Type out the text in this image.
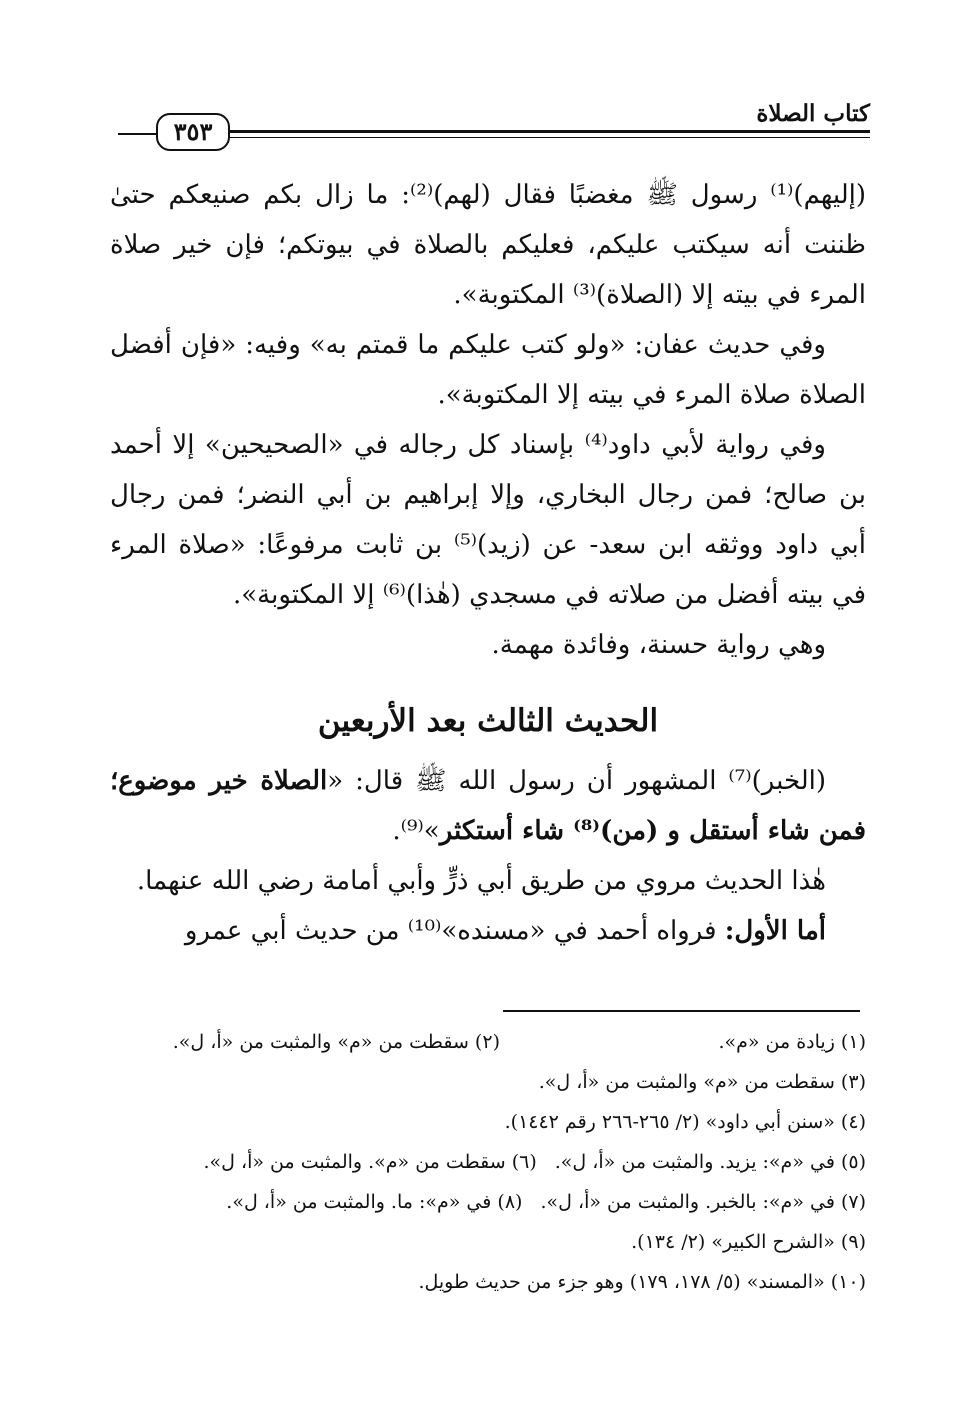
٣٥٣
كتاب الصلاة

(إليهم)⁽¹⁾ رسول ﷺ مغضبًا فقال (لهم)⁽²⁾: ما زال بكم صنيعكم حتىٰ ظننت أنه سيكتب عليكم، فعليكم بالصلاة في بيوتكم؛ فإن خير صلاة المرء في بيته إلا (الصلاة)⁽³⁾ المكتوبة».

وفي حديث عفان: «ولو كتب عليكم ما قمتم به» وفيه: «فإن أفضل الصلاة صلاة المرء في بيته إلا المكتوبة».

وفي رواية لأبي داود⁽⁴⁾ بإسناد كل رجاله في «الصحيحين» إلا أحمد بن صالح؛ فمن رجال البخاري، وإلا إبراهيم بن أبي النضر؛ فمن رجال أبي داود ووثقه ابن سعد- عن (زيد)⁽⁵⁾ بن ثابت مرفوعًا: «صلاة المرء في بيته أفضل من صلاته في مسجدي (هٰذا)⁽⁶⁾ إلا المكتوبة».

وهي رواية حسنة، وفائدة مهمة.

الحديث الثالث بعد الأربعين

(الخبر)⁽⁷⁾ المشهور أن رسول الله ﷺ قال: «الصلاة خير موضوع؛ فمن شاء أستقل و (من)⁽⁸⁾ شاء أستكثر»⁽⁹⁾.

هٰذا الحديث مروي من طريق أبي ذرٍّ وأبي أمامة رضي الله عنهما.

أما الأول: فرواه أحمد في «مسنده»⁽¹⁰⁾ من حديث أبي عمرو

(١) زيادة من «م».
(٢) سقطت من «م» والمثبت من «أ، ل».
(٣) سقطت من «م» والمثبت من «أ، ل».
(٤) «سنن أبي داود» (٢/ ٢٦٥-٢٦٦ رقم ١٤٤٢).
(٥) في «م»: يزيد. والمثبت من «أ، ل».
(٦) سقطت من «م». والمثبت من «أ، ل».
(٧) في «م»: بالخبر. والمثبت من «أ، ل».
(٨) في «م»: ما. والمثبت من «أ، ل».
(٩) «الشرح الكبير» (٢/ ١٣٤).
(١٠) «المسند» (٥/ ١٧٨، ١٧٩) وهو جزء من حديث طويل.
